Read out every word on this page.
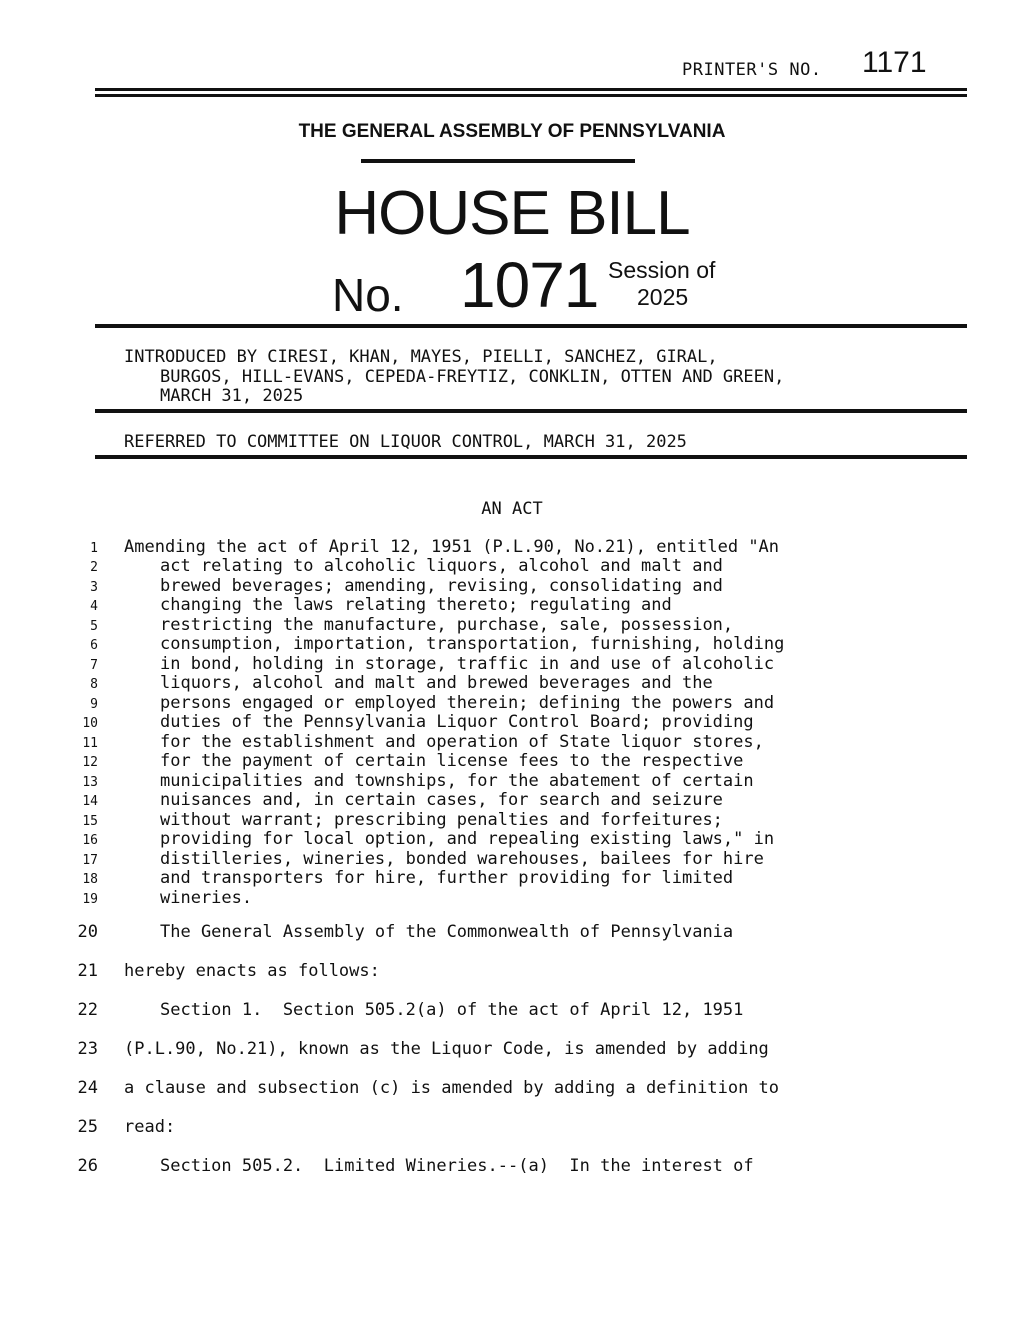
PRINTER'S NO. 1171
THE GENERAL ASSEMBLY OF PENNSYLVANIA
HOUSE BILL
No. 1071 Session of
2025
INTRODUCED BY CIRESI, KHAN, MAYES, PIELLI, SANCHEZ, GIRAL,
BURGOS, HILL-EVANS, CEPEDA-FREYTIZ, CONKLIN, OTTEN AND GREEN,
MARCH 31, 2025
REFERRED TO COMMITTEE ON LIQUOR CONTROL, MARCH 31, 2025
AN ACT
1 Amending the act of April 12, 1951 (P.L.90, No.21), entitled "An
2	act relating to alcoholic liquors, alcohol and malt and
3	brewed beverages; amending, revising, consolidating and
4	changing the laws relating thereto; regulating and
5	restricting the manufacture, purchase, sale, possession,
6	consumption, importation, transportation, furnishing, holding
7	in bond, holding in storage, traffic in and use of alcoholic
8	liquors, alcohol and malt and brewed beverages and the
9	persons engaged or employed therein; defining the powers and
10	duties of the Pennsylvania Liquor Control Board; providing
11	for the establishment and operation of State liquor stores,
12	for the payment of certain license fees to the respective
13	municipalities and townships, for the abatement of certain
14	nuisances and, in certain cases, for search and seizure
15	without warrant; prescribing penalties and forfeitures;
16	providing for local option, and repealing existing laws," in
17	distilleries, wineries, bonded warehouses, bailees for hire
18	and transporters for hire, further providing for limited
19	wineries.
20	The General Assembly of the Commonwealth of Pennsylvania
21 hereby enacts as follows:
22	Section 1.  Section 505.2(a) of the act of April 12, 1951
23 (P.L.90, No.21), known as the Liquor Code, is amended by adding
24 a clause and subsection (c) is amended by adding a definition to
25 read:
26	Section 505.2.  Limited Wineries.--(a)  In the interest of
